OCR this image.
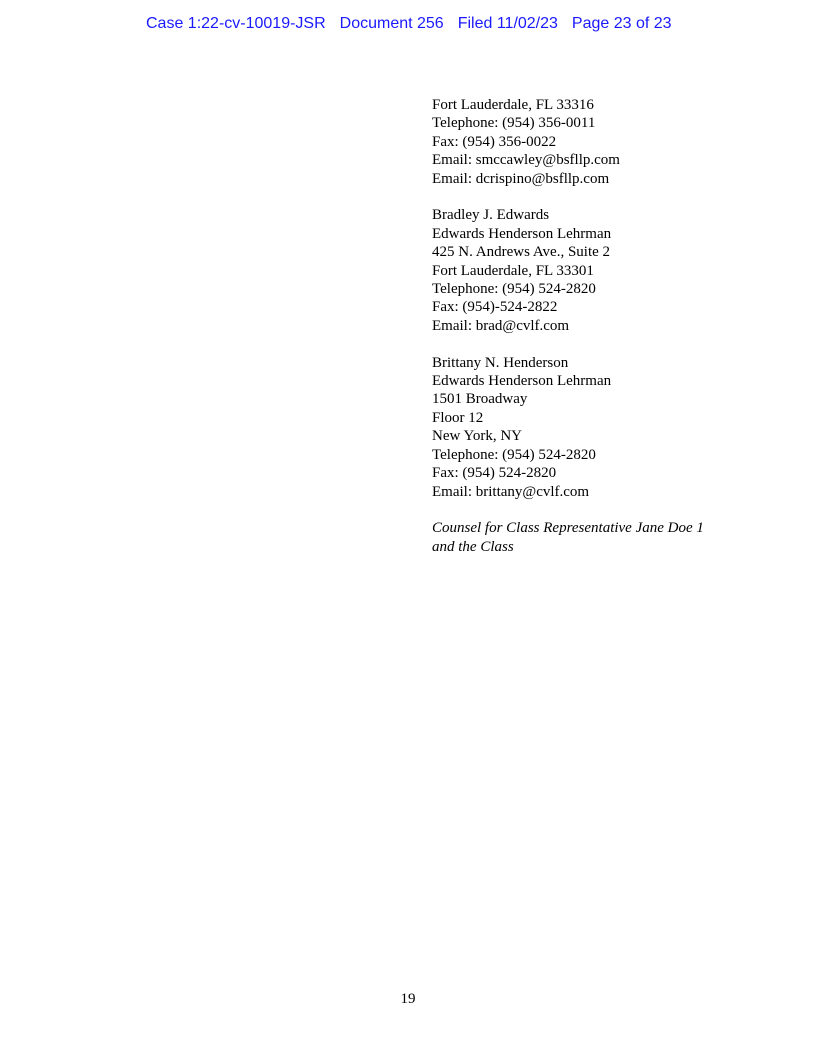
Case 1:22-cv-10019-JSR Document 256 Filed 11/02/23 Page 23 of 23
Fort Lauderdale, FL 33316
Telephone: (954) 356-0011
Fax: (954) 356-0022
Email: smccawley@bsfllp.com
Email: dcrispino@bsfllp.com
Bradley J. Edwards
Edwards Henderson Lehrman
425 N. Andrews Ave., Suite 2
Fort Lauderdale, FL 33301
Telephone: (954) 524-2820
Fax: (954)-524-2822
Email: brad@cvlf.com
Brittany N. Henderson
Edwards Henderson Lehrman
1501 Broadway
Floor 12
New York, NY
Telephone: (954) 524-2820
Fax: (954) 524-2820
Email: brittany@cvlf.com
Counsel for Class Representative Jane Doe 1
and the Class
19
